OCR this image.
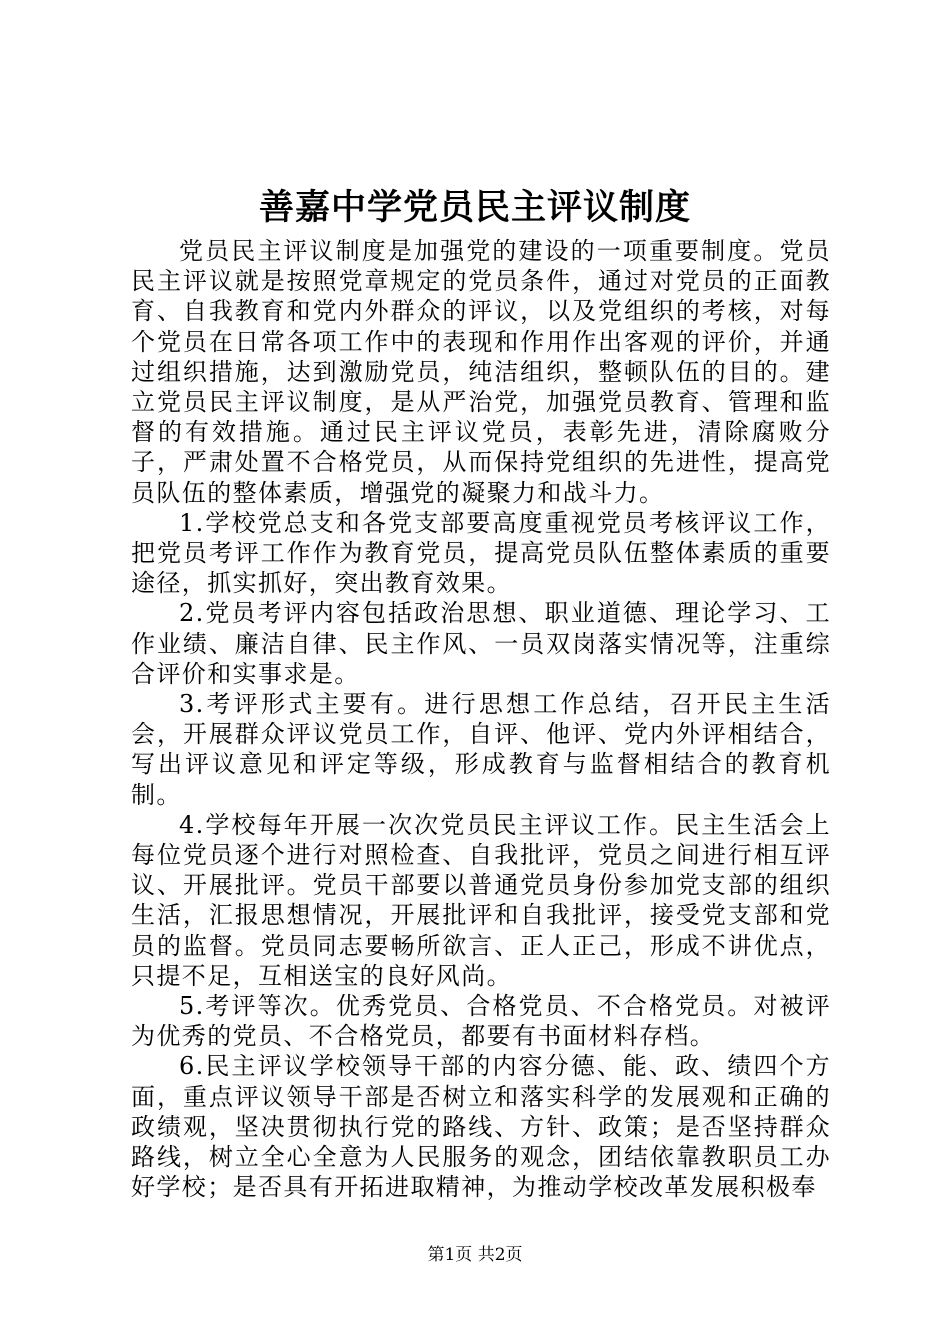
善嘉中学党员民主评议制度

党员民主评议制度是加强党的建设的一项重要制度。党员民主评议就是按照党章规定的党员条件，通过对党员的正面教育、自我教育和党内外群众的评议，以及党组织的考核，对每个党员在日常各项工作中的表现和作用作出客观的评价，并通过组织措施，达到激励党员，纯洁组织，整顿队伍的目的。建立党员民主评议制度，是从严治党，加强党员教育、管理和监督的有效措施。通过民主评议党员，表彰先进，清除腐败分子，严肃处置不合格党员，从而保持党组织的先进性，提高党员队伍的整体素质，增强党的凝聚力和战斗力。

1.学校党总支和各党支部要高度重视党员考核评议工作，把党员考评工作作为教育党员，提高党员队伍整体素质的重要途径，抓实抓好，突出教育效果。

2.党员考评内容包括政治思想、职业道德、理论学习、工作业绩、廉洁自律、民主作风、一员双岗落实情况等，注重综合评价和实事求是。

3.考评形式主要有。进行思想工作总结，召开民主生活会，开展群众评议党员工作，自评、他评、党内外评相结合，写出评议意见和评定等级，形成教育与监督相结合的教育机制。

4.学校每年开展一次次党员民主评议工作。民主生活会上每位党员逐个进行对照检查、自我批评，党员之间进行相互评议、开展批评。党员干部要以普通党员身份参加党支部的组织生活，汇报思想情况，开展批评和自我批评，接受党支部和党员的监督。党员同志要畅所欲言、正人正己，形成不讲优点，只提不足，互相送宝的良好风尚。

5.考评等次。优秀党员、合格党员、不合格党员。对被评为优秀的党员、不合格党员，都要有书面材料存档。

6.民主评议学校领导干部的内容分德、能、政、绩四个方面，重点评议领导干部是否树立和落实科学的发展观和正确的政绩观，坚决贯彻执行党的路线、方针、政策；是否坚持群众路线，树立全心全意为人民服务的观念，团结依靠教职员工办好学校；是否具有开拓进取精神，为推动学校改革发展积极奉

第1页 共2页
